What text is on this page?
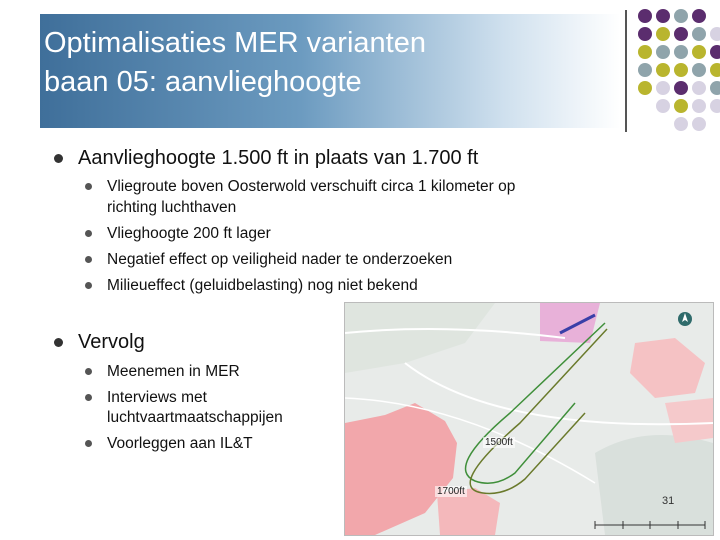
Optimalisaties MER varianten
baan 05: aanvlieghoogte
Aanvlieghoogte 1.500 ft in plaats van 1.700 ft
Vliegroute boven Oosterwold verschuift circa 1 kilometer op
richting luchthaven
Vlieghoogte 200 ft lager
Negatief effect op veiligheid nader te onderzoeken
Milieueffect (geluidbelasting) nog niet bekend
Vervolg
Meenemen in MER
Interviews met
luchtvaartmaatschappijen
Voorleggen aan IL&T	1500ft
1700ft
31
